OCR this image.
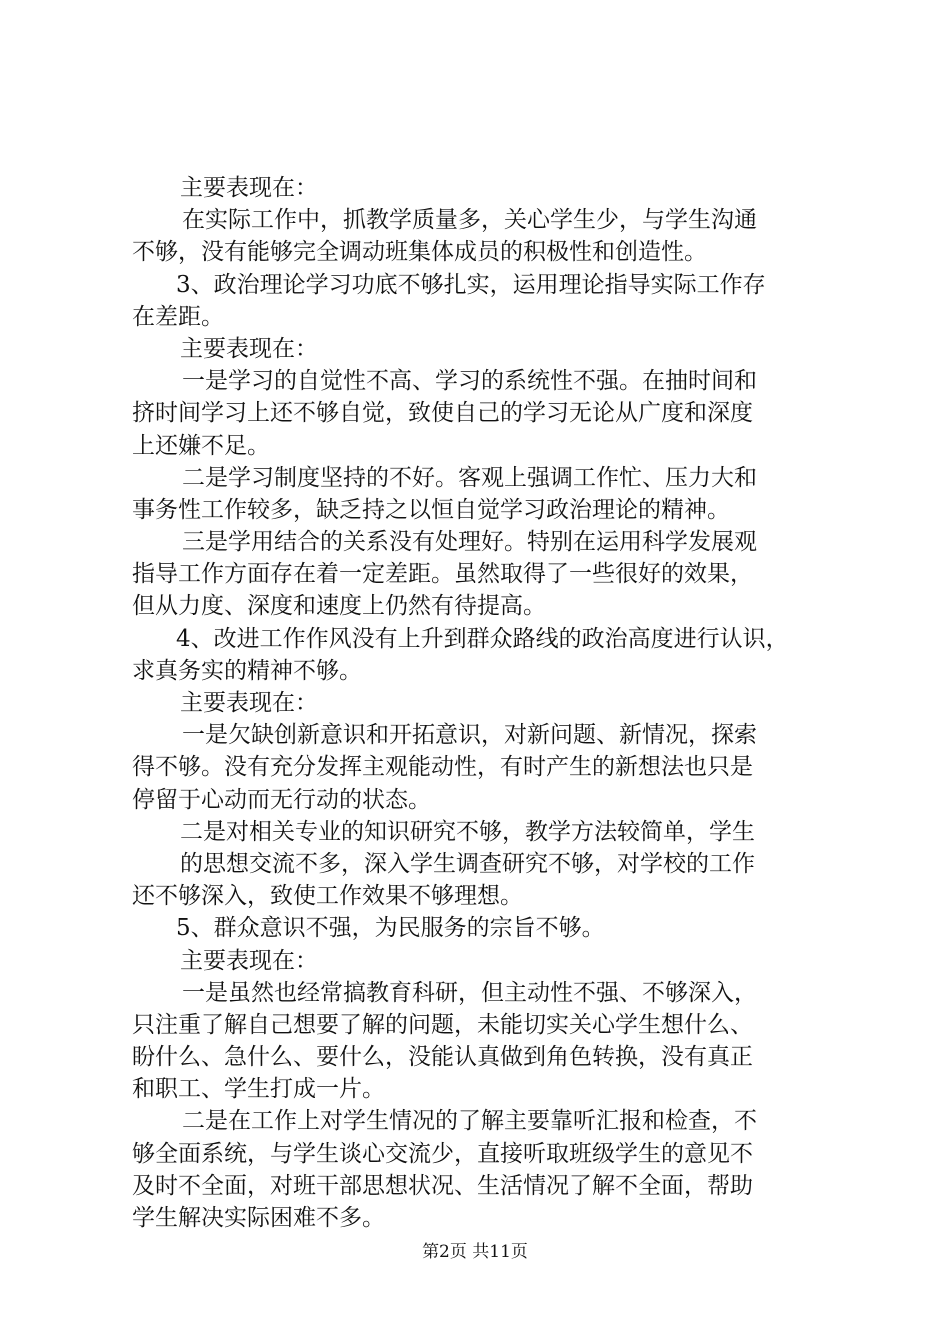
主要表现在：
在实际工作中，抓教学质量多，关心学生少，与学生沟通
不够，没有能够完全调动班集体成员的积极性和创造性。
3、政治理论学习功底不够扎实，运用理论指导实际工作存
在差距。
主要表现在：
一是学习的自觉性不高、学习的系统性不强。在抽时间和
挤时间学习上还不够自觉，致使自己的学习无论从广度和深度
上还嫌不足。
二是学习制度坚持的不好。客观上强调工作忙、压力大和
事务性工作较多，缺乏持之以恒自觉学习政治理论的精神。
三是学用结合的关系没有处理好。特别在运用科学发展观
指导工作方面存在着一定差距。虽然取得了一些很好的效果，
但从力度、深度和速度上仍然有待提高。
4、改进工作作风没有上升到群众路线的政治高度进行认识，
求真务实的精神不够。
主要表现在：
一是欠缺创新意识和开拓意识，对新问题、新情况，探索
得不够。没有充分发挥主观能动性，有时产生的新想法也只是
停留于心动而无行动的状态。
二是对相关专业的知识研究不够，教学方法较简单，学生
的思想交流不多，深入学生调查研究不够，对学校的工作
还不够深入，致使工作效果不够理想。
5、群众意识不强，为民服务的宗旨不够。
主要表现在：
一是虽然也经常搞教育科研，但主动性不强、不够深入，
只注重了解自己想要了解的问题，未能切实关心学生想什么、
盼什么、急什么、要什么，没能认真做到角色转换，没有真正
和职工、学生打成一片。
二是在工作上对学生情况的了解主要靠听汇报和检查，不
够全面系统，与学生谈心交流少，直接听取班级学生的意见不
及时不全面，对班干部思想状况、生活情况了解不全面，帮助
学生解决实际困难不多。
第2页 共11页
